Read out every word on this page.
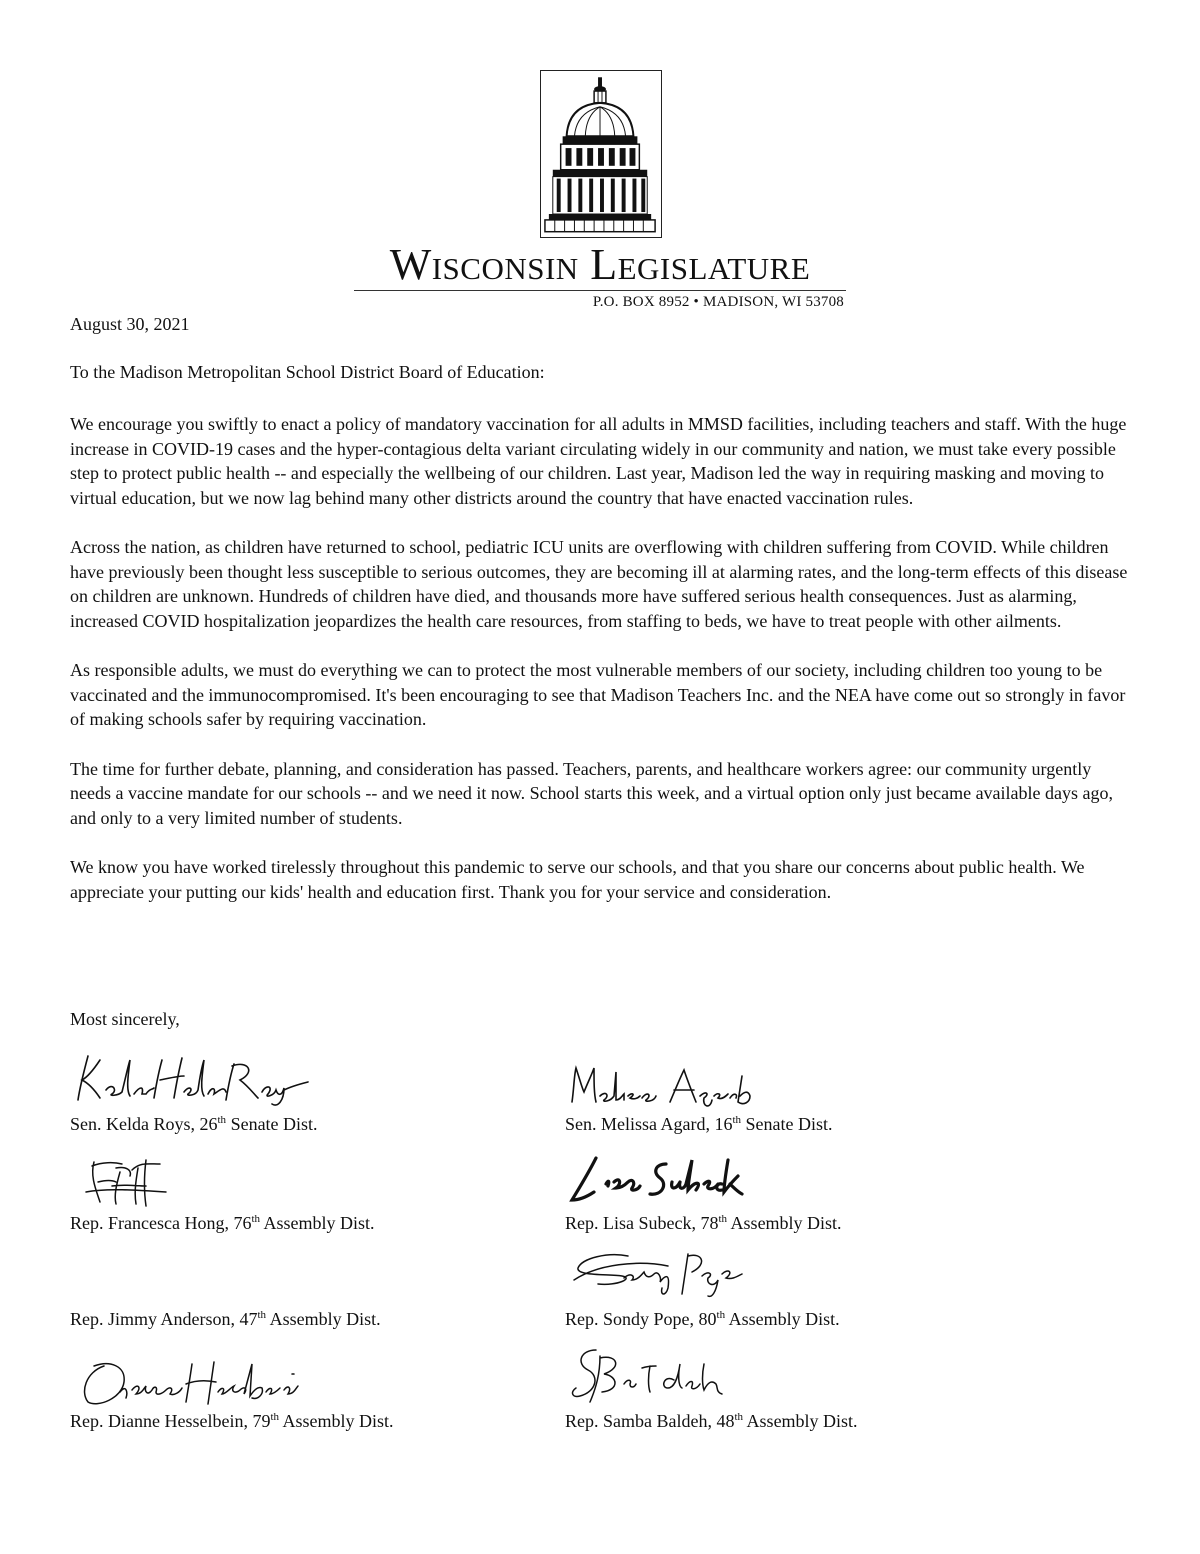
Wisconsin Legislature
P.O. BOX 8952 • MADISON, WI 53708
August 30, 2021
To the Madison Metropolitan School District Board of Education:

We encourage you swiftly to enact a policy of mandatory vaccination for all adults in MMSD facilities, including teachers and staff. With the huge increase in COVID-19 cases and the hyper-contagious delta variant circulating widely in our community and nation, we must take every possible step to protect public health -- and especially the wellbeing of our children. Last year, Madison led the way in requiring masking and moving to virtual education, but we now lag behind many other districts around the country that have enacted vaccination rules.

Across the nation, as children have returned to school, pediatric ICU units are overflowing with children suffering from COVID. While children have previously been thought less susceptible to serious outcomes, they are becoming ill at alarming rates, and the long-term effects of this disease on children are unknown. Hundreds of children have died, and thousands more have suffered serious health consequences. Just as alarming, increased COVID hospitalization jeopardizes the health care resources, from staffing to beds, we have to treat people with other ailments.

As responsible adults, we must do everything we can to protect the most vulnerable members of our society, including children too young to be vaccinated and the immunocompromised. It's been encouraging to see that Madison Teachers Inc. and the NEA have come out so strongly in favor of making schools safer by requiring vaccination.

The time for further debate, planning, and consideration has passed. Teachers, parents, and healthcare workers agree: our community urgently needs a vaccine mandate for our schools -- and we need it now. School starts this week, and a virtual option only just became available days ago, and only to a very limited number of students.

We know you have worked tirelessly throughout this pandemic to serve our schools, and that you share our concerns about public health. We appreciate your putting our kids' health and education first. Thank you for your service and consideration.

Most sincerely,
Sen. Kelda Roys, 26th Senate Dist.	Sen. Melissa Agard, 16th Senate Dist.
Rep. Francesca Hong, 76th Assembly Dist.	Rep. Lisa Subeck, 78th Assembly Dist.
Rep. Jimmy Anderson, 47th Assembly Dist.	Rep. Sondy Pope, 80th Assembly Dist.
Rep. Dianne Hesselbein, 79th Assembly Dist.	Rep. Samba Baldeh, 48th Assembly Dist.
